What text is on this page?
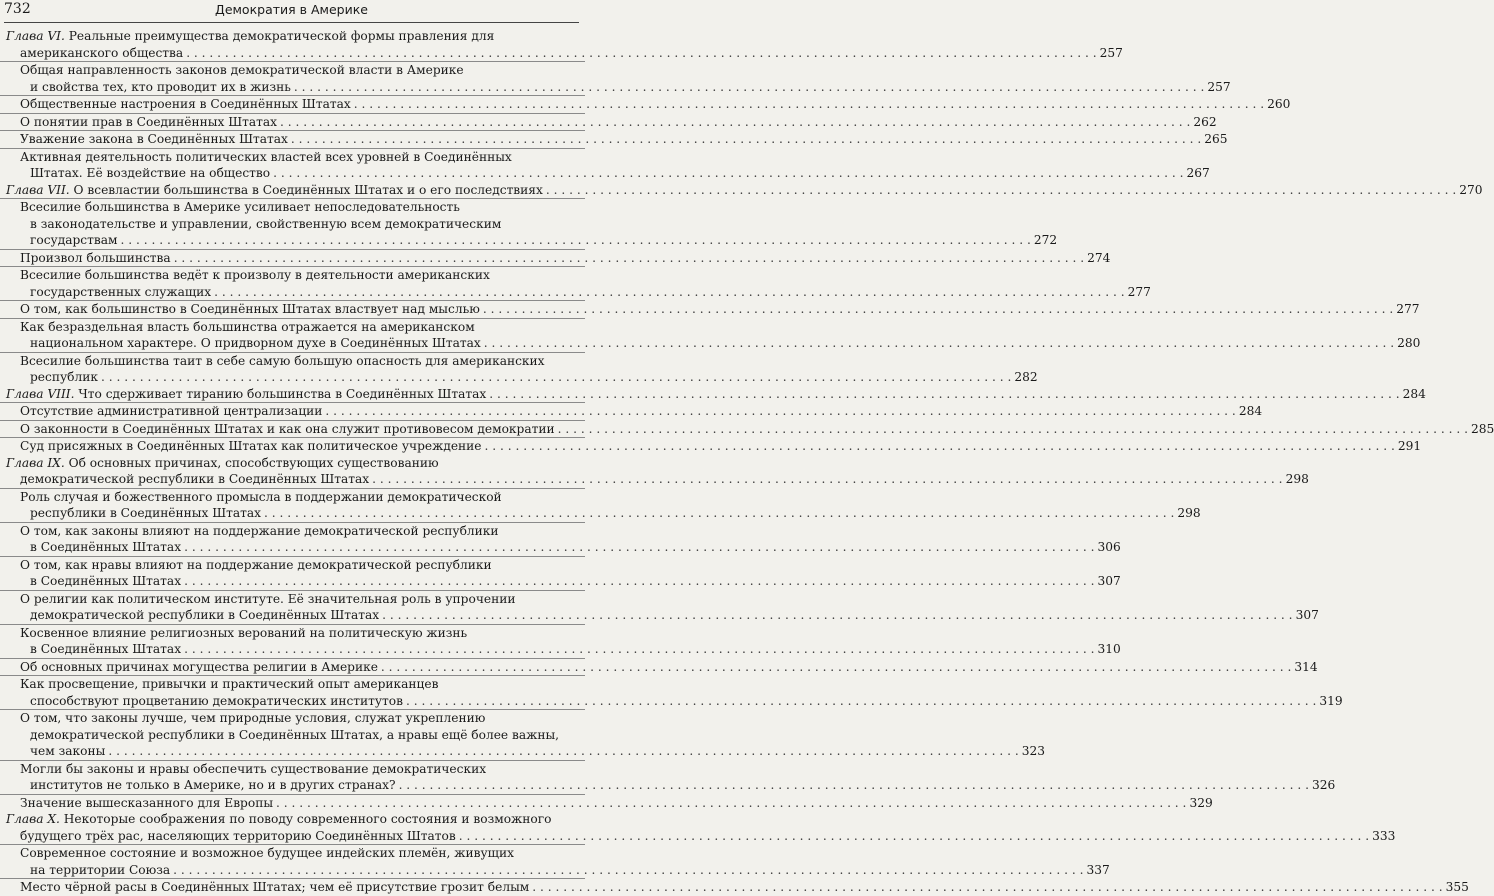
732	Демократия в Америке
Глава VI. Реальные преимущества демократической формы правления для
американского общества . . .	257
Общая направленность законов демократической власти в Америке
и свойства тех, кто проводит их в жизнь . . .	257
Общественные настроения в Соединённых Штатах . . .	260
О понятии прав в Соединённых Штатах . . .	262
Уважение закона в Соединённых Штатах . . .	265
Активная деятельность политических властей всех уровней в Соединённых
Штатах. Её воздействие на общество . . .	267
Глава VII. О всевластии большинства в Соединённых Штатах и о его последствиях . . .	270
Всесилие большинства в Америке усиливает непоследовательность
в законодательстве и управлении, свойственную всем демократическим
государствам . . .	272
Произвол большинства . . .	274
Всесилие большинства ведёт к произволу в деятельности американских
государственных служащих . . .	277
О том, как большинство в Соединённых Штатах властвует над мыслью . . .	277
Как безраздельная власть большинства отражается на американском
национальном характере. О придворном духе в Соединённых Штатах . . .	280
Всесилие большинства таит в себе самую большую опасность для американских
республик . . .	282
Глава VIII. Что сдерживает тиранию большинства в Соединённых Штатах . . .	284
Отсутствие административной централизации . . .	284
О законности в Соединённых Штатах и как она служит противовесом демократии . . .	285
Суд присяжных в Соединённых Штатах как политическое учреждение . . .	291
Глава IX. Об основных причинах, способствующих существованию
демократической республики в Соединённых Штатах . . .	298
Роль случая и божественного промысла в поддержании демократической
республики в Соединённых Штатах . . .	298
О том, как законы влияют на поддержание демократической республики
в Соединённых Штатах . . .	306
О том, как нравы влияют на поддержание демократической республики
в Соединённых Штатах . . .	307
О религии как политическом институте. Её значительная роль в упрочении
демократической республики в Соединённых Штатах . . .	307
Косвенное влияние религиозных верований на политическую жизнь
в Соединённых Штатах . . .	310
Об основных причинах могущества религии в Америке . . .	314
Как просвещение, привычки и практический опыт американцев
способствуют процветанию демократических институтов . . .	319
О том, что законы лучше, чем природные условия, служат укреплению
демократической республики в Соединённых Штатах, а нравы ещё более важны,
чем законы . . .	323
Могли бы законы и нравы обеспечить существование демократических
институтов не только в Америке, но и в других странах? . . .	326
Значение вышесказанного для Европы . . .	329
Глава X. Некоторые соображения по поводу современного состояния и возможного
будущего трёх рас, населяющих территорию Соединённых Штатов . . .	333
Современное состояние и возможное будущее индейских племён, живущих
на территории Союза . . .	337
Место чёрной расы в Соединённых Штатах; чем её присутствие грозит белым . . .	355
